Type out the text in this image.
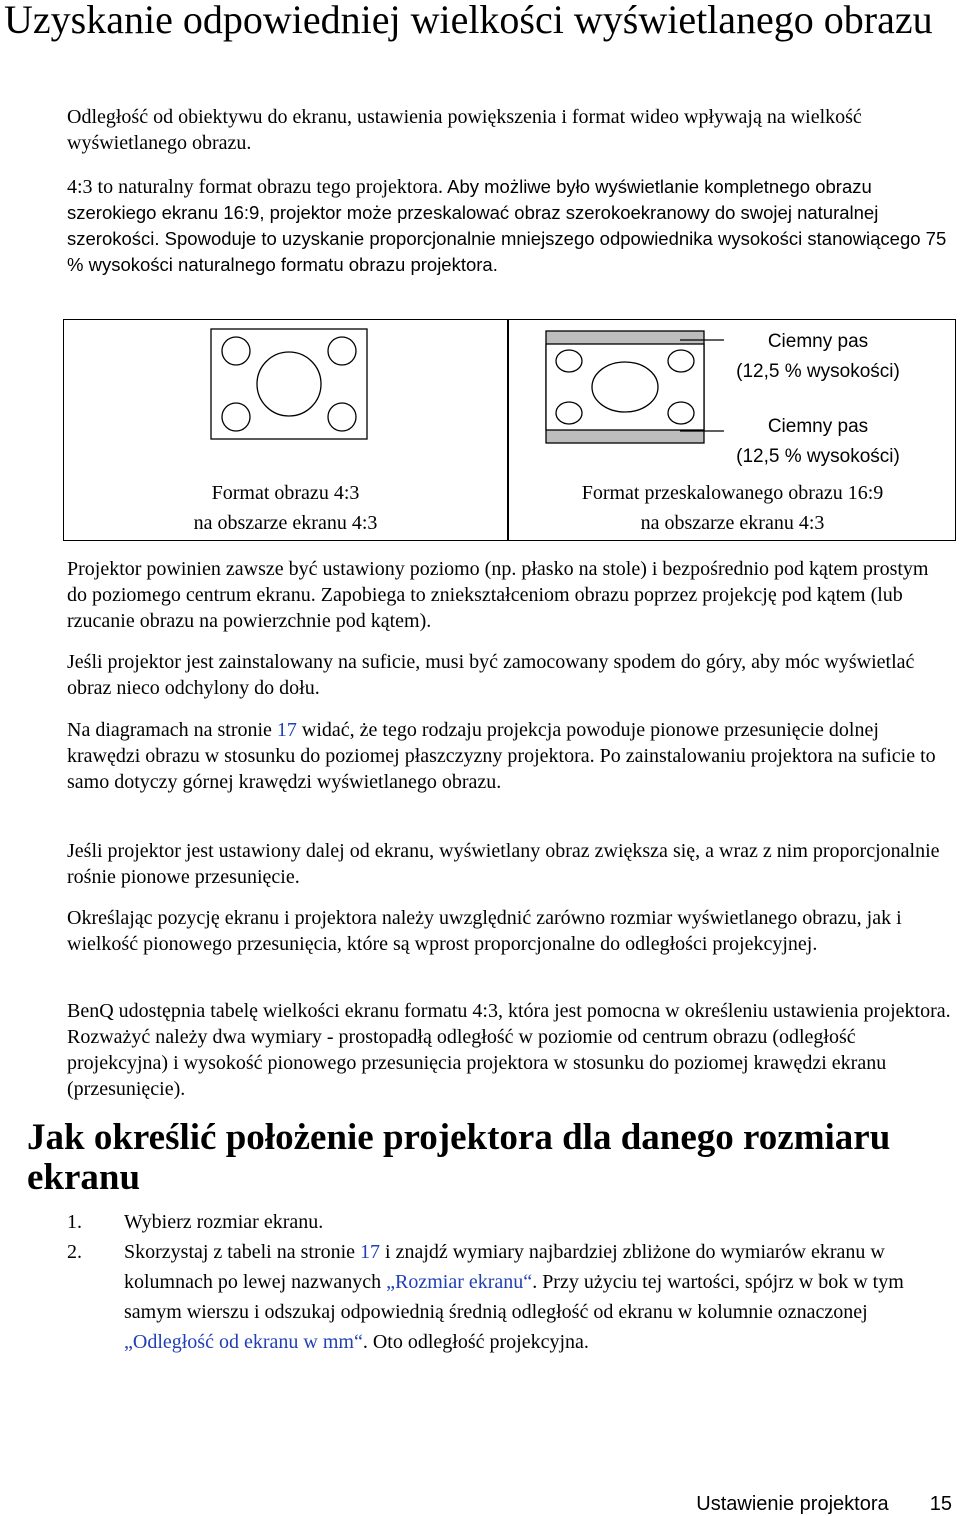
Uzyskanie odpowiedniej wielkości wyświetlanego obrazu

Odległość od obiektywu do ekranu, ustawienia powiększenia i format wideo wpływają na wielkość wyświetlanego obrazu.

4:3 to naturalny format obrazu tego projektora. Aby możliwe było wyświetlanie kompletnego obrazu szerokiego ekranu 16:9, projektor może przeskalować obraz szerokoekranowy do swojej naturalnej szerokości. Spowoduje to uzyskanie proporcjonalnie mniejszego odpowiednika wysokości stanowiącego 75 % wysokości naturalnego formatu obrazu projektora.

Ciemny pas
(12,5 % wysokości)
Ciemny pas
(12,5 % wysokości)
Format obrazu 4:3
na obszarze ekranu 4:3
Format przeskalowanego obrazu 16:9
na obszarze ekranu 4:3

Projektor powinien zawsze być ustawiony poziomo (np. płasko na stole) i bezpośrednio pod kątem prostym do poziomego centrum ekranu. Zapobiega to zniekształceniom obrazu poprzez projekcję pod kątem (lub rzucanie obrazu na powierzchnie pod kątem).

Jeśli projektor jest zainstalowany na suficie, musi być zamocowany spodem do góry, aby móc wyświetlać obraz nieco odchylony do dołu.

Na diagramach na stronie 17 widać, że tego rodzaju projekcja powoduje pionowe przesunięcie dolnej krawędzi obrazu w stosunku do poziomej płaszczyzny projektora. Po zainstalowaniu projektora na suficie to samo dotyczy górnej krawędzi wyświetlanego obrazu.

Jeśli projektor jest ustawiony dalej od ekranu, wyświetlany obraz zwiększa się, a wraz z nim proporcjonalnie rośnie pionowe przesunięcie.

Określając pozycję ekranu i projektora należy uwzględnić zarówno rozmiar wyświetlanego obrazu, jak i wielkość pionowego przesunięcia, które są wprost proporcjonalne do odległości projekcyjnej.

BenQ udostępnia tabelę wielkości ekranu formatu 4:3, która jest pomocna w określeniu ustawienia projektora. Rozważyć należy dwa wymiary - prostopadłą odległość w poziomie od centrum obrazu (odległość projekcyjna) i wysokość pionowego przesunięcia projektora w stosunku do poziomej krawędzi ekranu (przesunięcie).

Jak określić położenie projektora dla danego rozmiaru ekranu
1.	Wybierz rozmiar ekranu.
2.	Skorzystaj z tabeli na stronie 17 i znajdź wymiary najbardziej zbliżone do wymiarów ekranu w kolumnach po lewej nazwanych „Rozmiar ekranu“. Przy użyciu tej wartości, spójrz w bok w tym samym wierszu i odszukaj odpowiednią średnią odległość od ekranu w kolumnie oznaczonej „Odległość od ekranu w mm“. Oto odległość projekcyjna.
Ustawienie projektora 15
